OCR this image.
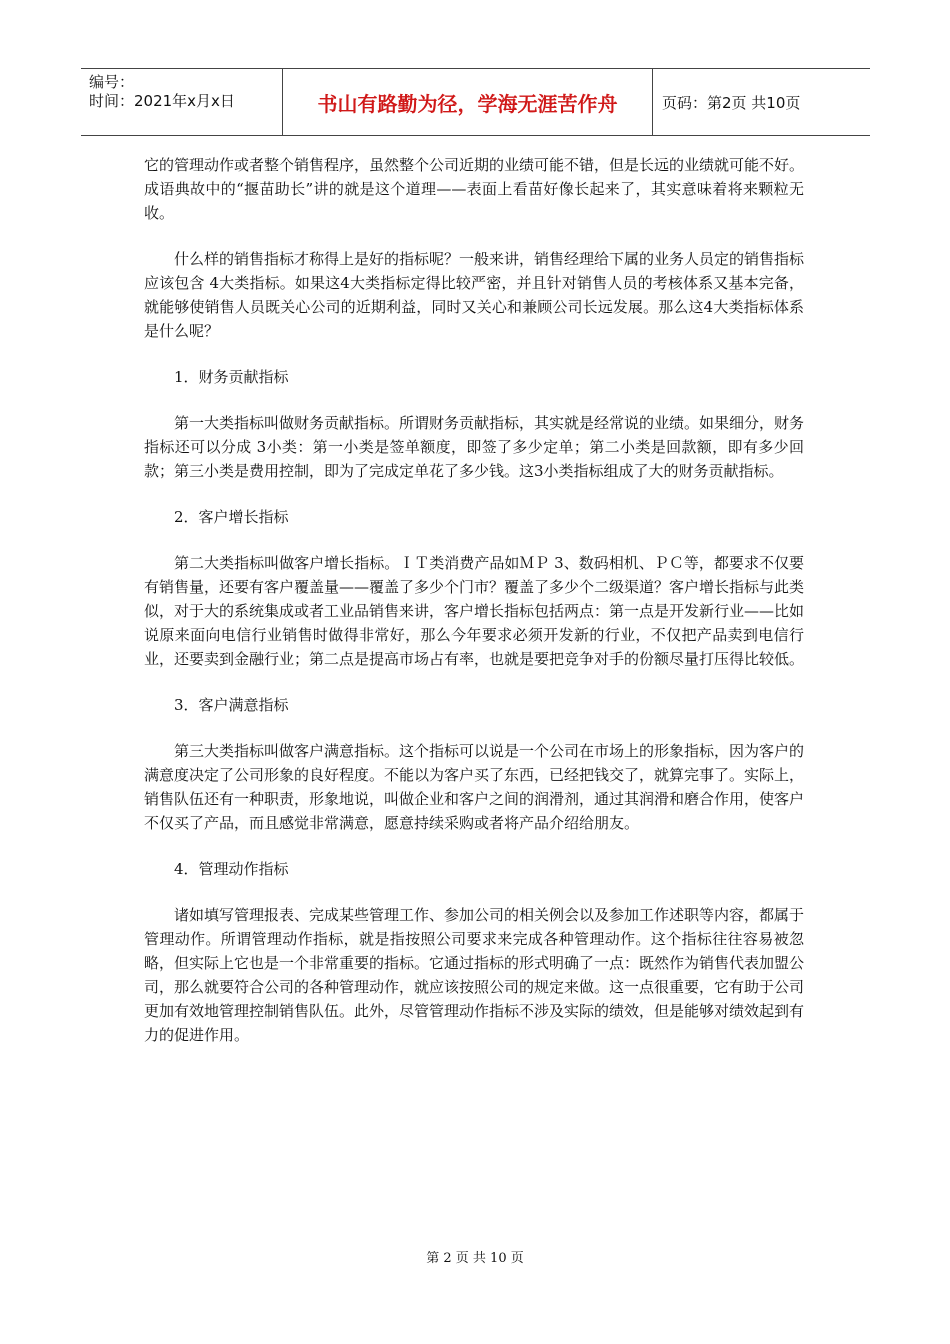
编号：
时间：2021年x月x日	书山有路勤为径，学海无涯苦作舟	页码：第2页 共10页

它的管理动作或者整个销售程序，虽然整个公司近期的业绩可能不错，但是长远的业绩就可能不好。成语典故中的“揠苗助长”讲的就是这个道理——表面上看苗好像长起来了，其实意味着将来颗粒无收。

什么样的销售指标才称得上是好的指标呢？一般来讲，销售经理给下属的业务人员定的销售指标应该包含 4大类指标。如果这4大类指标定得比较严密，并且针对销售人员的考核体系又基本完备，就能够使销售人员既关心公司的近期利益，同时又关心和兼顾公司长远发展。那么这4大类指标体系是什么呢？

1．财务贡献指标

第一大类指标叫做财务贡献指标。所谓财务贡献指标，其实就是经常说的业绩。如果细分，财务指标还可以分成 3小类：第一小类是签单额度，即签了多少定单；第二小类是回款额，即有多少回款；第三小类是费用控制，即为了完成定单花了多少钱。这3小类指标组成了大的财务贡献指标。

2．客户增长指标

第二大类指标叫做客户增长指标。ＩＴ类消费产品如ＭＰ 3、数码相机、ＰＣ等，都要求不仅要有销售量，还要有客户覆盖量——覆盖了多少个门市？覆盖了多少个二级渠道？客户增长指标与此类似，对于大的系统集成或者工业品销售来讲，客户增长指标包括两点：第一点是开发新行业——比如说原来面向电信行业销售时做得非常好，那么今年要求必须开发新的行业，不仅把产品卖到电信行业，还要卖到金融行业；第二点是提高市场占有率，也就是要把竞争对手的份额尽量打压得比较低。

3．客户满意指标

第三大类指标叫做客户满意指标。这个指标可以说是一个公司在市场上的形象指标，因为客户的满意度决定了公司形象的良好程度。不能以为客户买了东西，已经把钱交了，就算完事了。实际上，销售队伍还有一种职责，形象地说，叫做企业和客户之间的润滑剂，通过其润滑和磨合作用，使客户不仅买了产品，而且感觉非常满意，愿意持续采购或者将产品介绍给朋友。

4．管理动作指标

诸如填写管理报表、完成某些管理工作、参加公司的相关例会以及参加工作述职等内容，都属于管理动作。所谓管理动作指标，就是指按照公司要求来完成各种管理动作。这个指标往往容易被忽略，但实际上它也是一个非常重要的指标。它通过指标的形式明确了一点：既然作为销售代表加盟公司，那么就要符合公司的各种管理动作，就应该按照公司的规定来做。这一点很重要，它有助于公司更加有效地管理控制销售队伍。此外，尽管管理动作指标不涉及实际的绩效，但是能够对绩效起到有力的促进作用。

第 2 页 共 10 页
